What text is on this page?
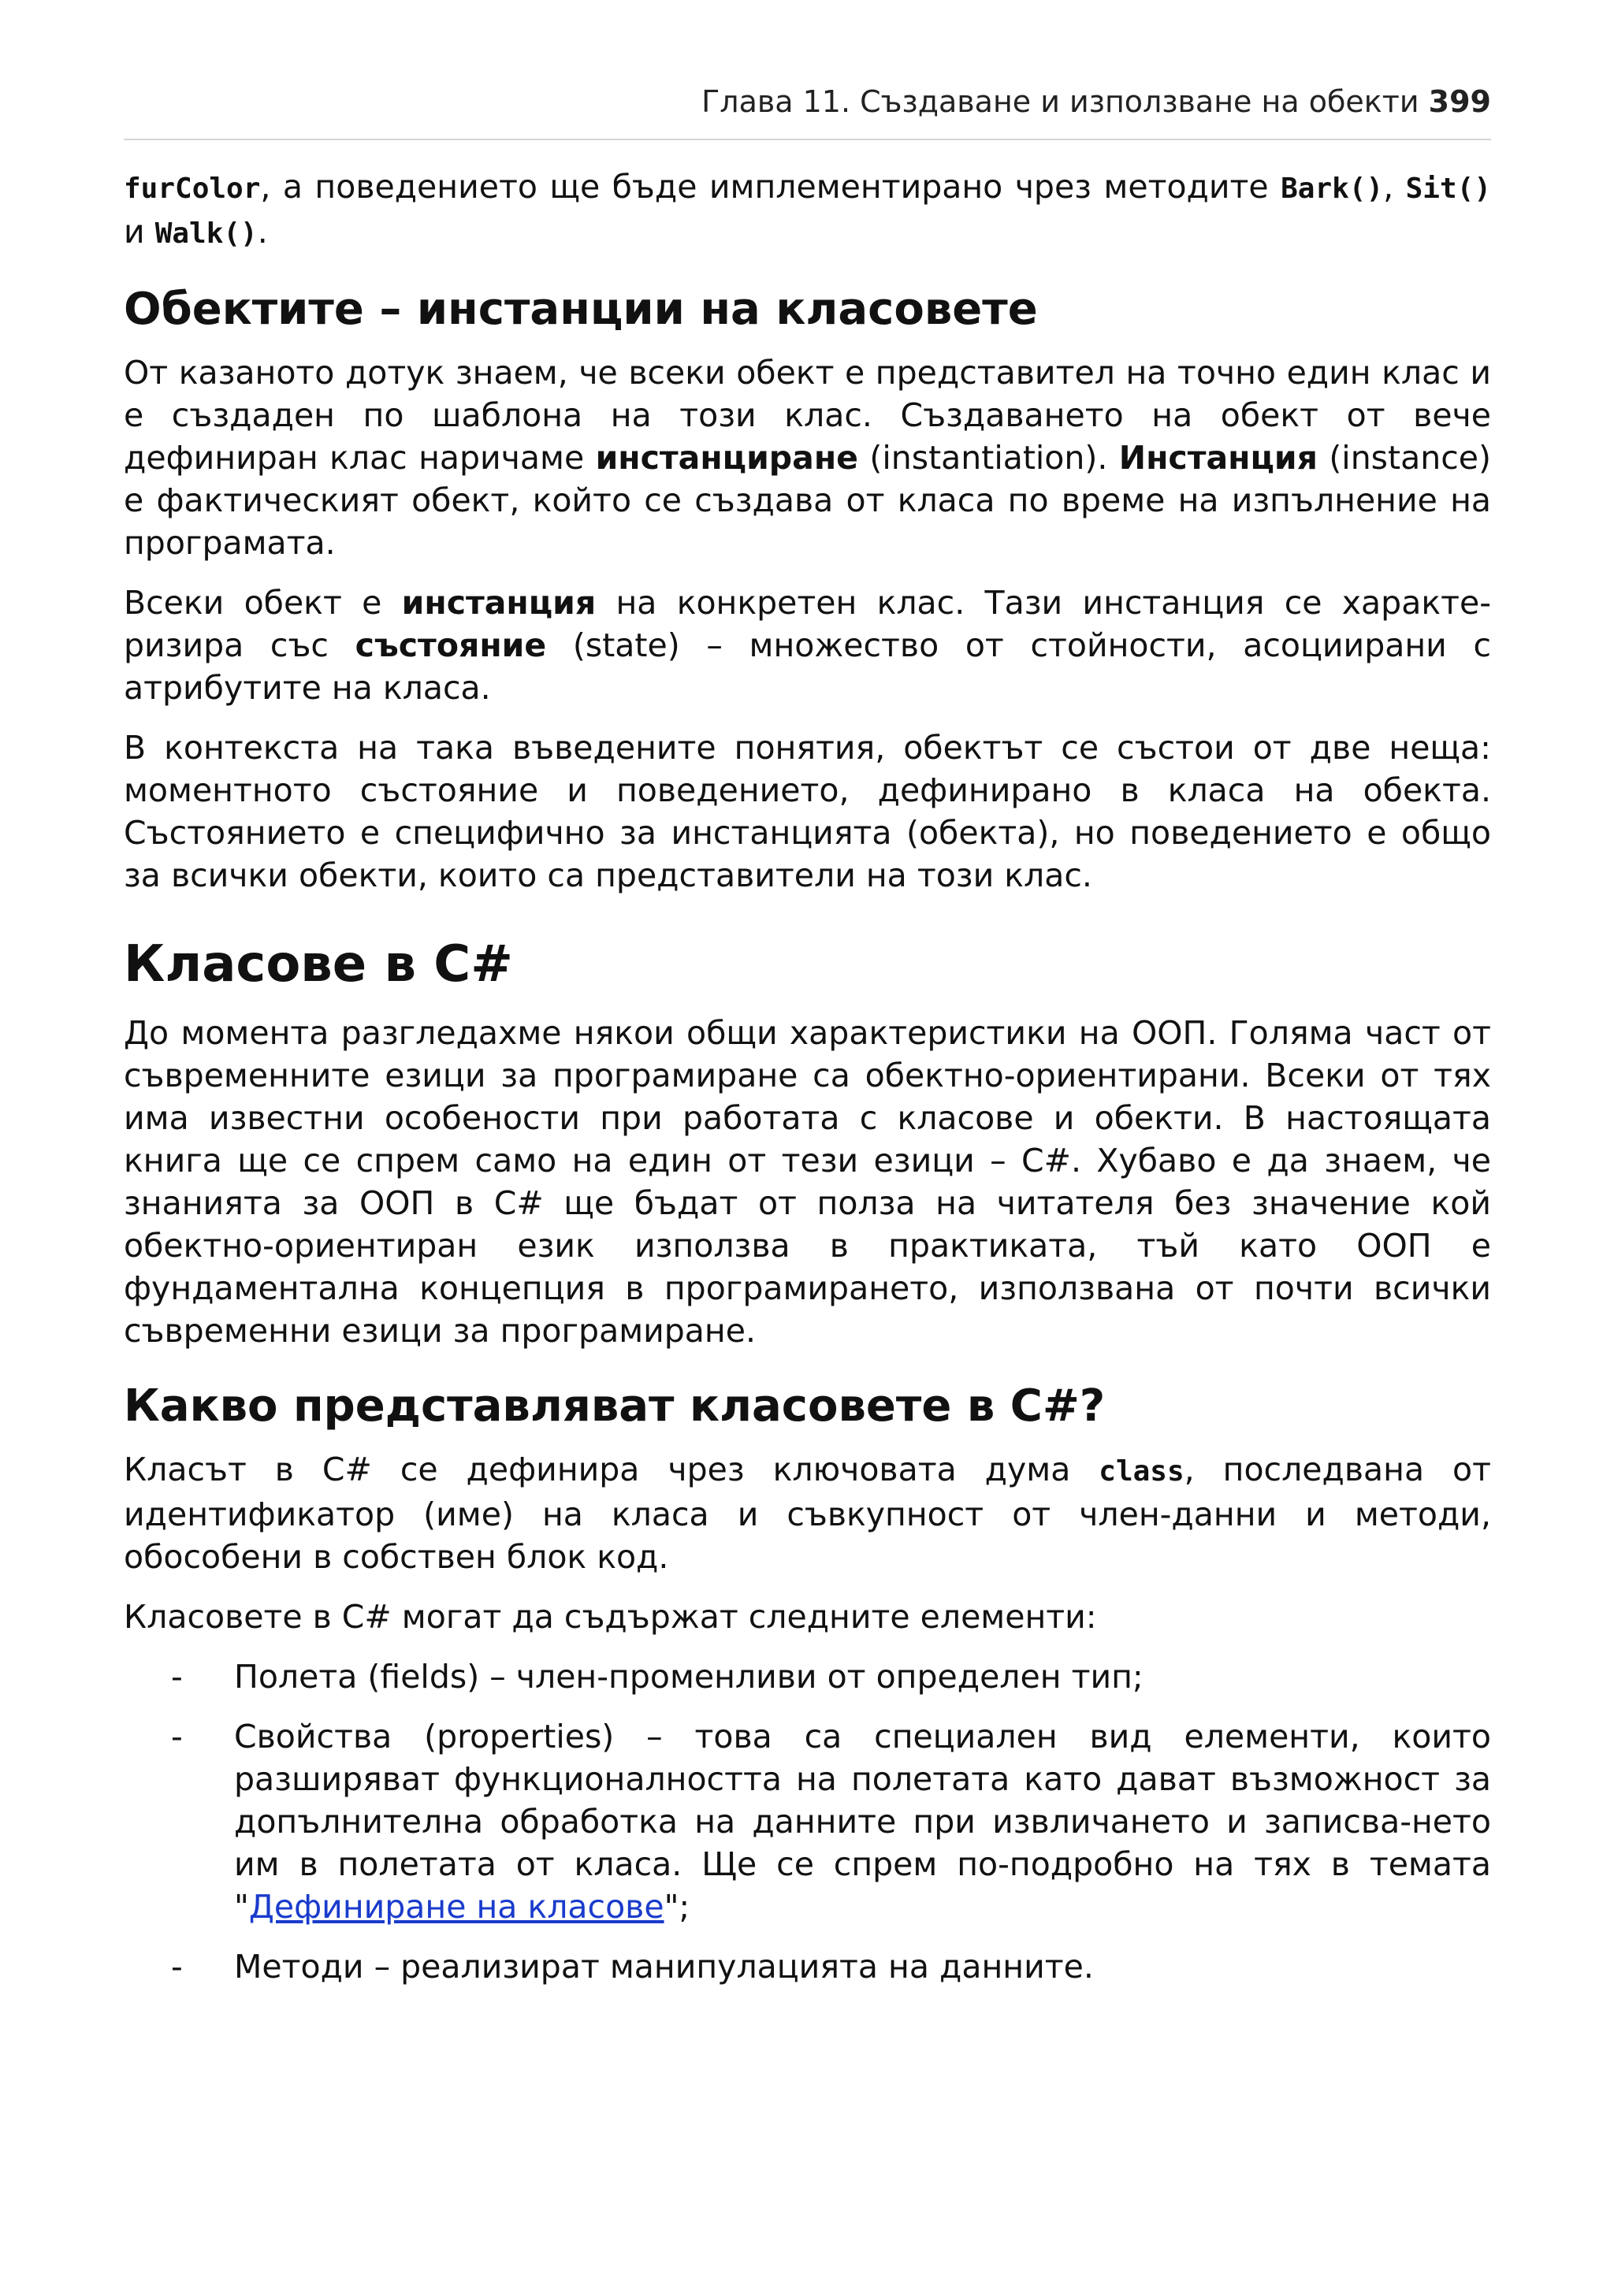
Глава 11. Създаване и използване на обекти 399

furColor, а поведението ще бъде имплементирано чрез методите Bark(), Sit() и Walk().

Обектите – инстанции на класовете

От казаното дотук знаем, че всеки обект е представител на точно един клас и е създаден по шаблона на този клас. Създаването на обект от вече дефиниран клас наричаме инстанциране (instantiation). Инстанция (instance) е фактическият обект, който се създава от класа по време на изпълнение на програмата.

Всеки обект е инстанция на конкретен клас. Тази инстанция се характе-ризира със състояние (state) – множество от стойности, асоциирани с атрибутите на класа.

В контекста на така въведените понятия, обектът се състои от две неща: моментното състояние и поведението, дефинирано в класа на обекта. Състоянието е специфично за инстанцията (обекта), но поведението е общо за всички обекти, които са представители на този клас.

Класове в C#

До момента разгледахме някои общи характеристики на ООП. Голяма част от съвременните езици за програмиране са обектно-ориентирани. Всеки от тях има известни особености при работата с класове и обекти. В настоящата книга ще се спрем само на един от тези езици – C#. Хубаво е да знаем, че знанията за ООП в C# ще бъдат от полза на читателя без значение кой обектно-ориентиран език използва в практиката, тъй като ООП е фундаментална концепция в програмирането, използвана от почти всички съвременни езици за програмиране.

Какво представляват класовете в C#?

Класът в C# се дефинира чрез ключовата дума class, последвана от идентификатор (име) на класа и съвкупност от член-данни и методи, обособени в собствен блок код.

Класовете в C# могат да съдържат следните елементи:

- Полета (fields) – член-променливи от определен тип;
- Свойства (properties) – това са специален вид елементи, които разширяват функционалността на полетата като дават възможност за допълнителна обработка на данните при извличането и записва-нето им в полетата от класа. Ще се спрем по-подробно на тях в темата "Дефиниране на класове";
- Методи – реализират манипулацията на данните.
